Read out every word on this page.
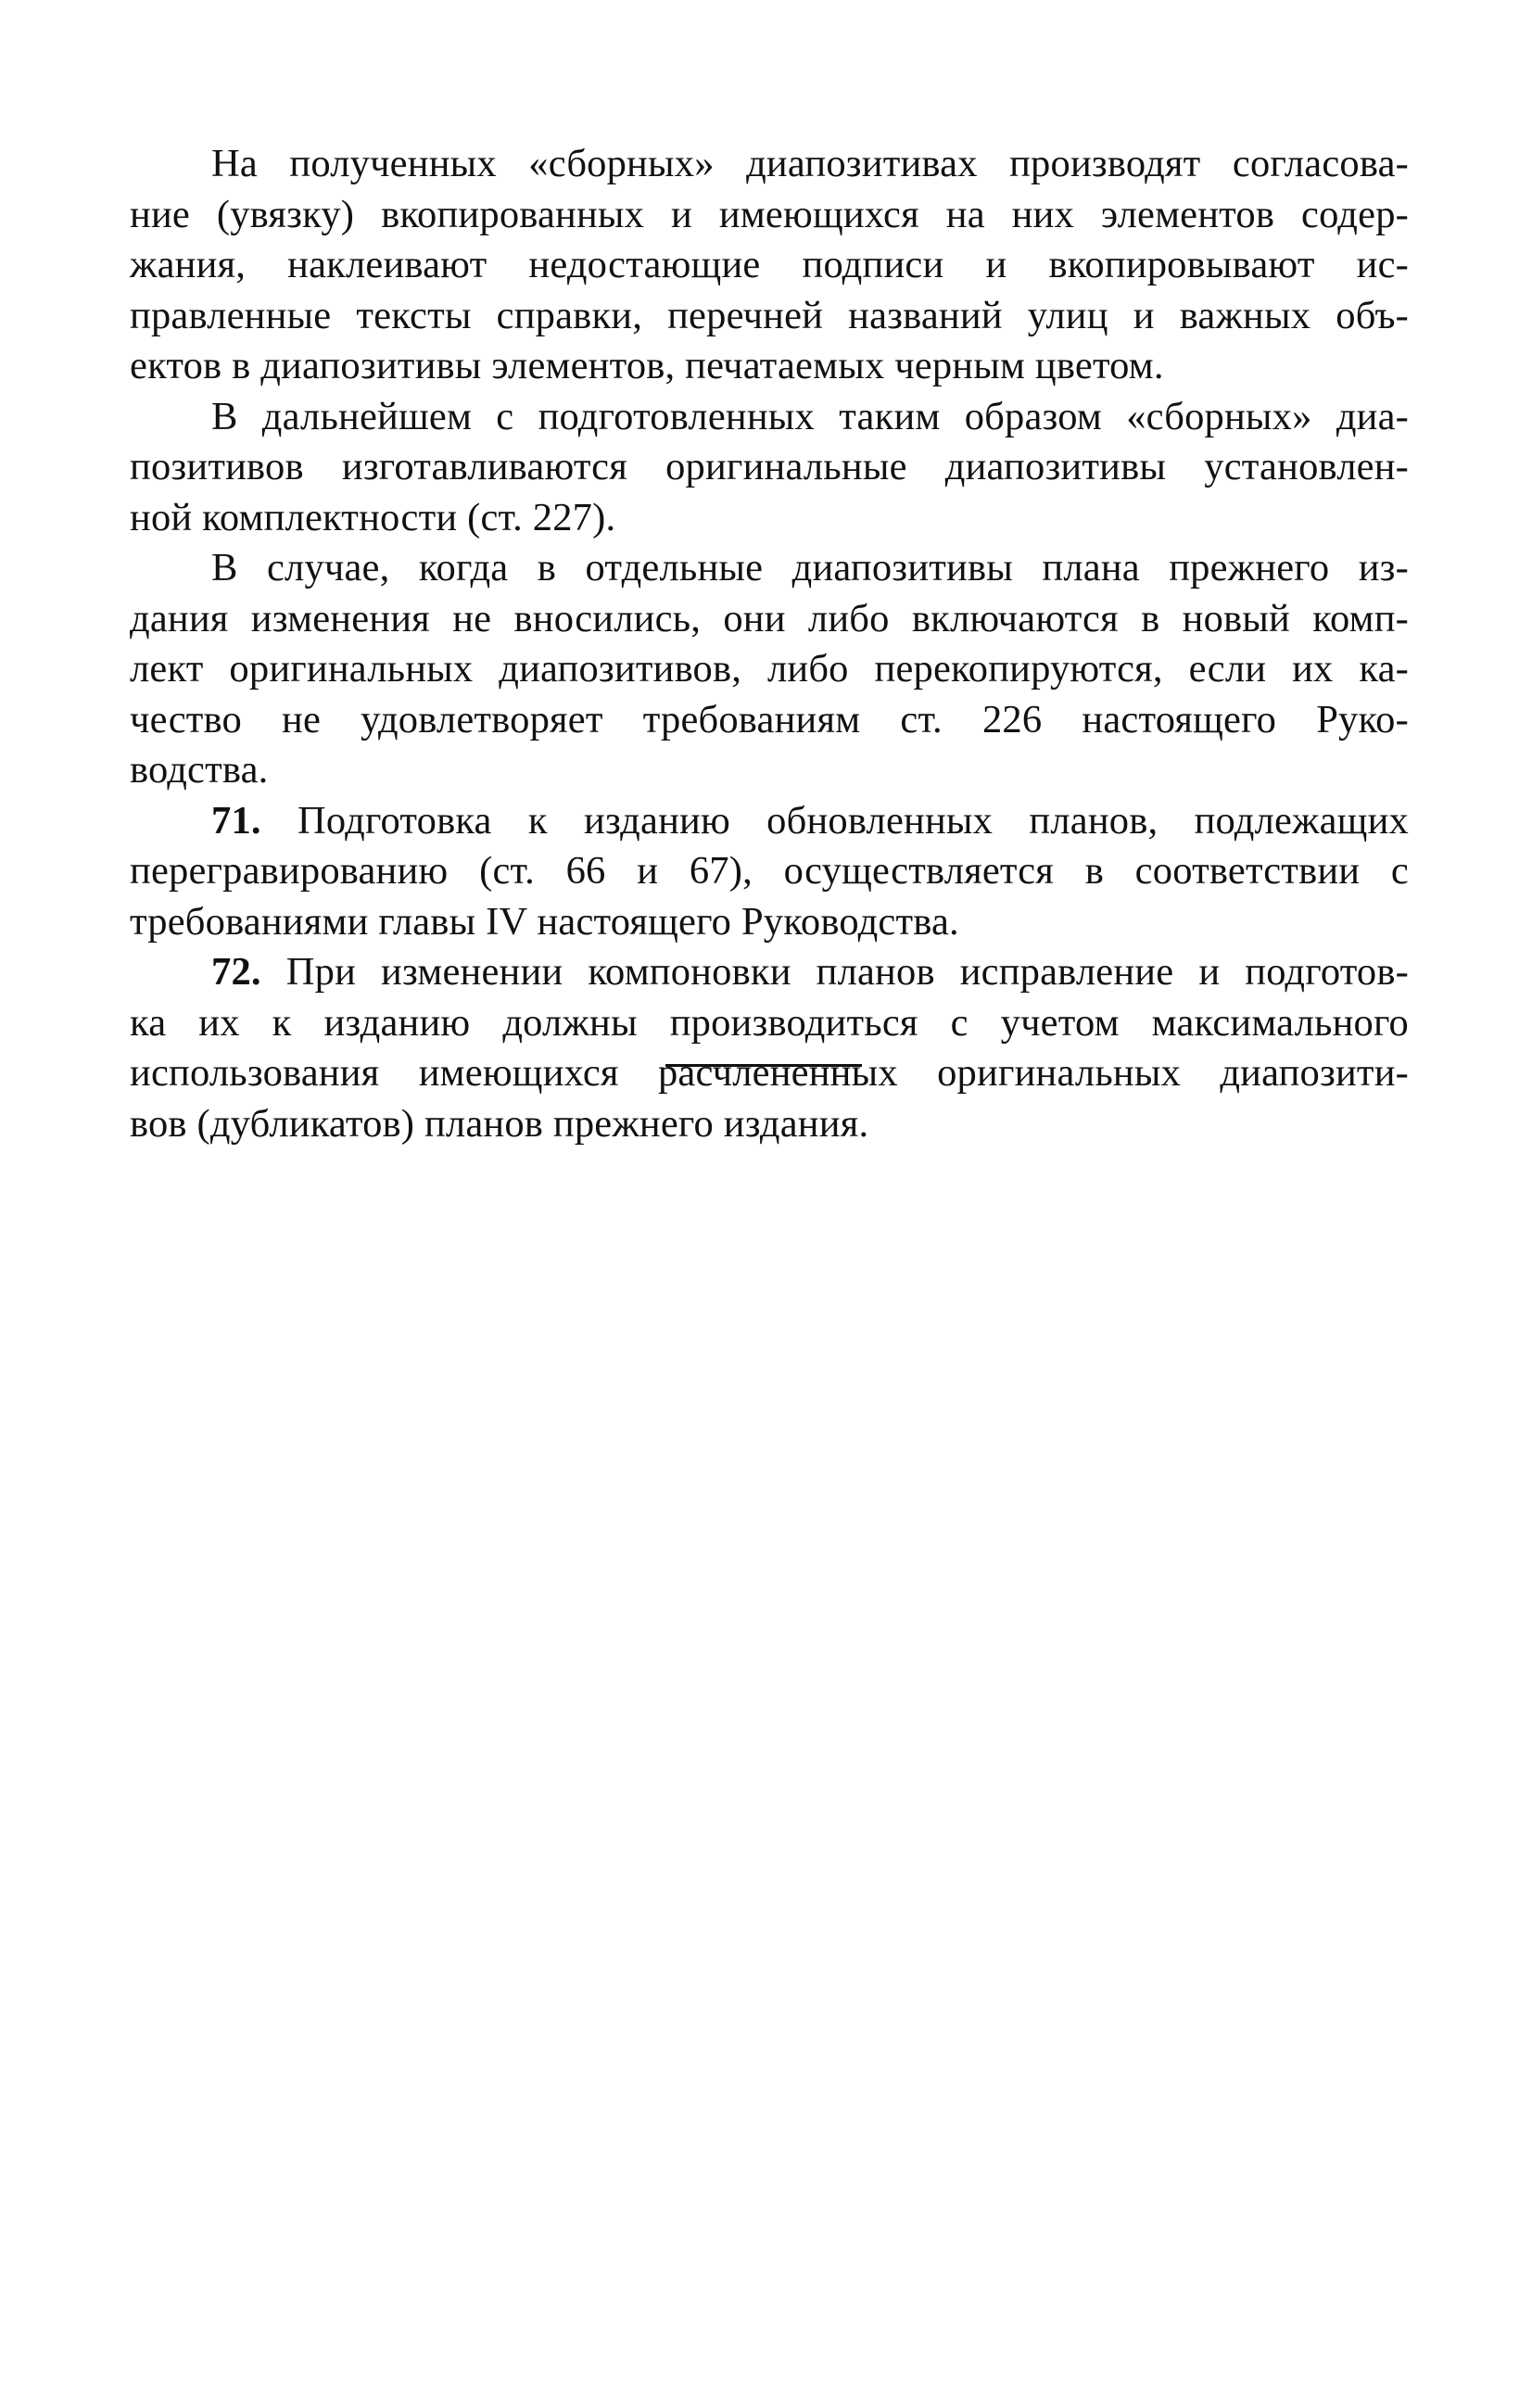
На полученных «сборных» диапозитивах производят согласова-
ние (увязку) вкопированных и имеющихся на них элементов содер-
жания, наклеивают недостающие подписи и вкопировывают ис-
правленные тексты справки, перечней названий улиц и важных объ-
ектов в диапозитивы элементов, печатаемых черным цветом.

В дальнейшем с подготовленных таким образом «сборных» диа-
позитивов изготавливаются оригинальные диапозитивы установлен-
ной комплектности (ст. 227).

В случае, когда в отдельные диапозитивы плана прежнего из-
дания изменения не вносились, они либо включаются в новый комп-
лект оригинальных диапозитивов, либо перекопируются, если их ка-
чество не удовлетворяет требованиям ст. 226 настоящего Руко-
водства.

71. Подготовка к изданию обновленных планов, подлежащих
перегравированию (ст. 66 и 67), осуществляется в соответствии с
требованиями главы IV настоящего Руководства.

72. При изменении компоновки планов исправление и подготов-
ка их к изданию должны производиться с учетом максимального
использования имеющихся расчлененных оригинальных диапозити-
вов (дубликатов) планов прежнего издания.
